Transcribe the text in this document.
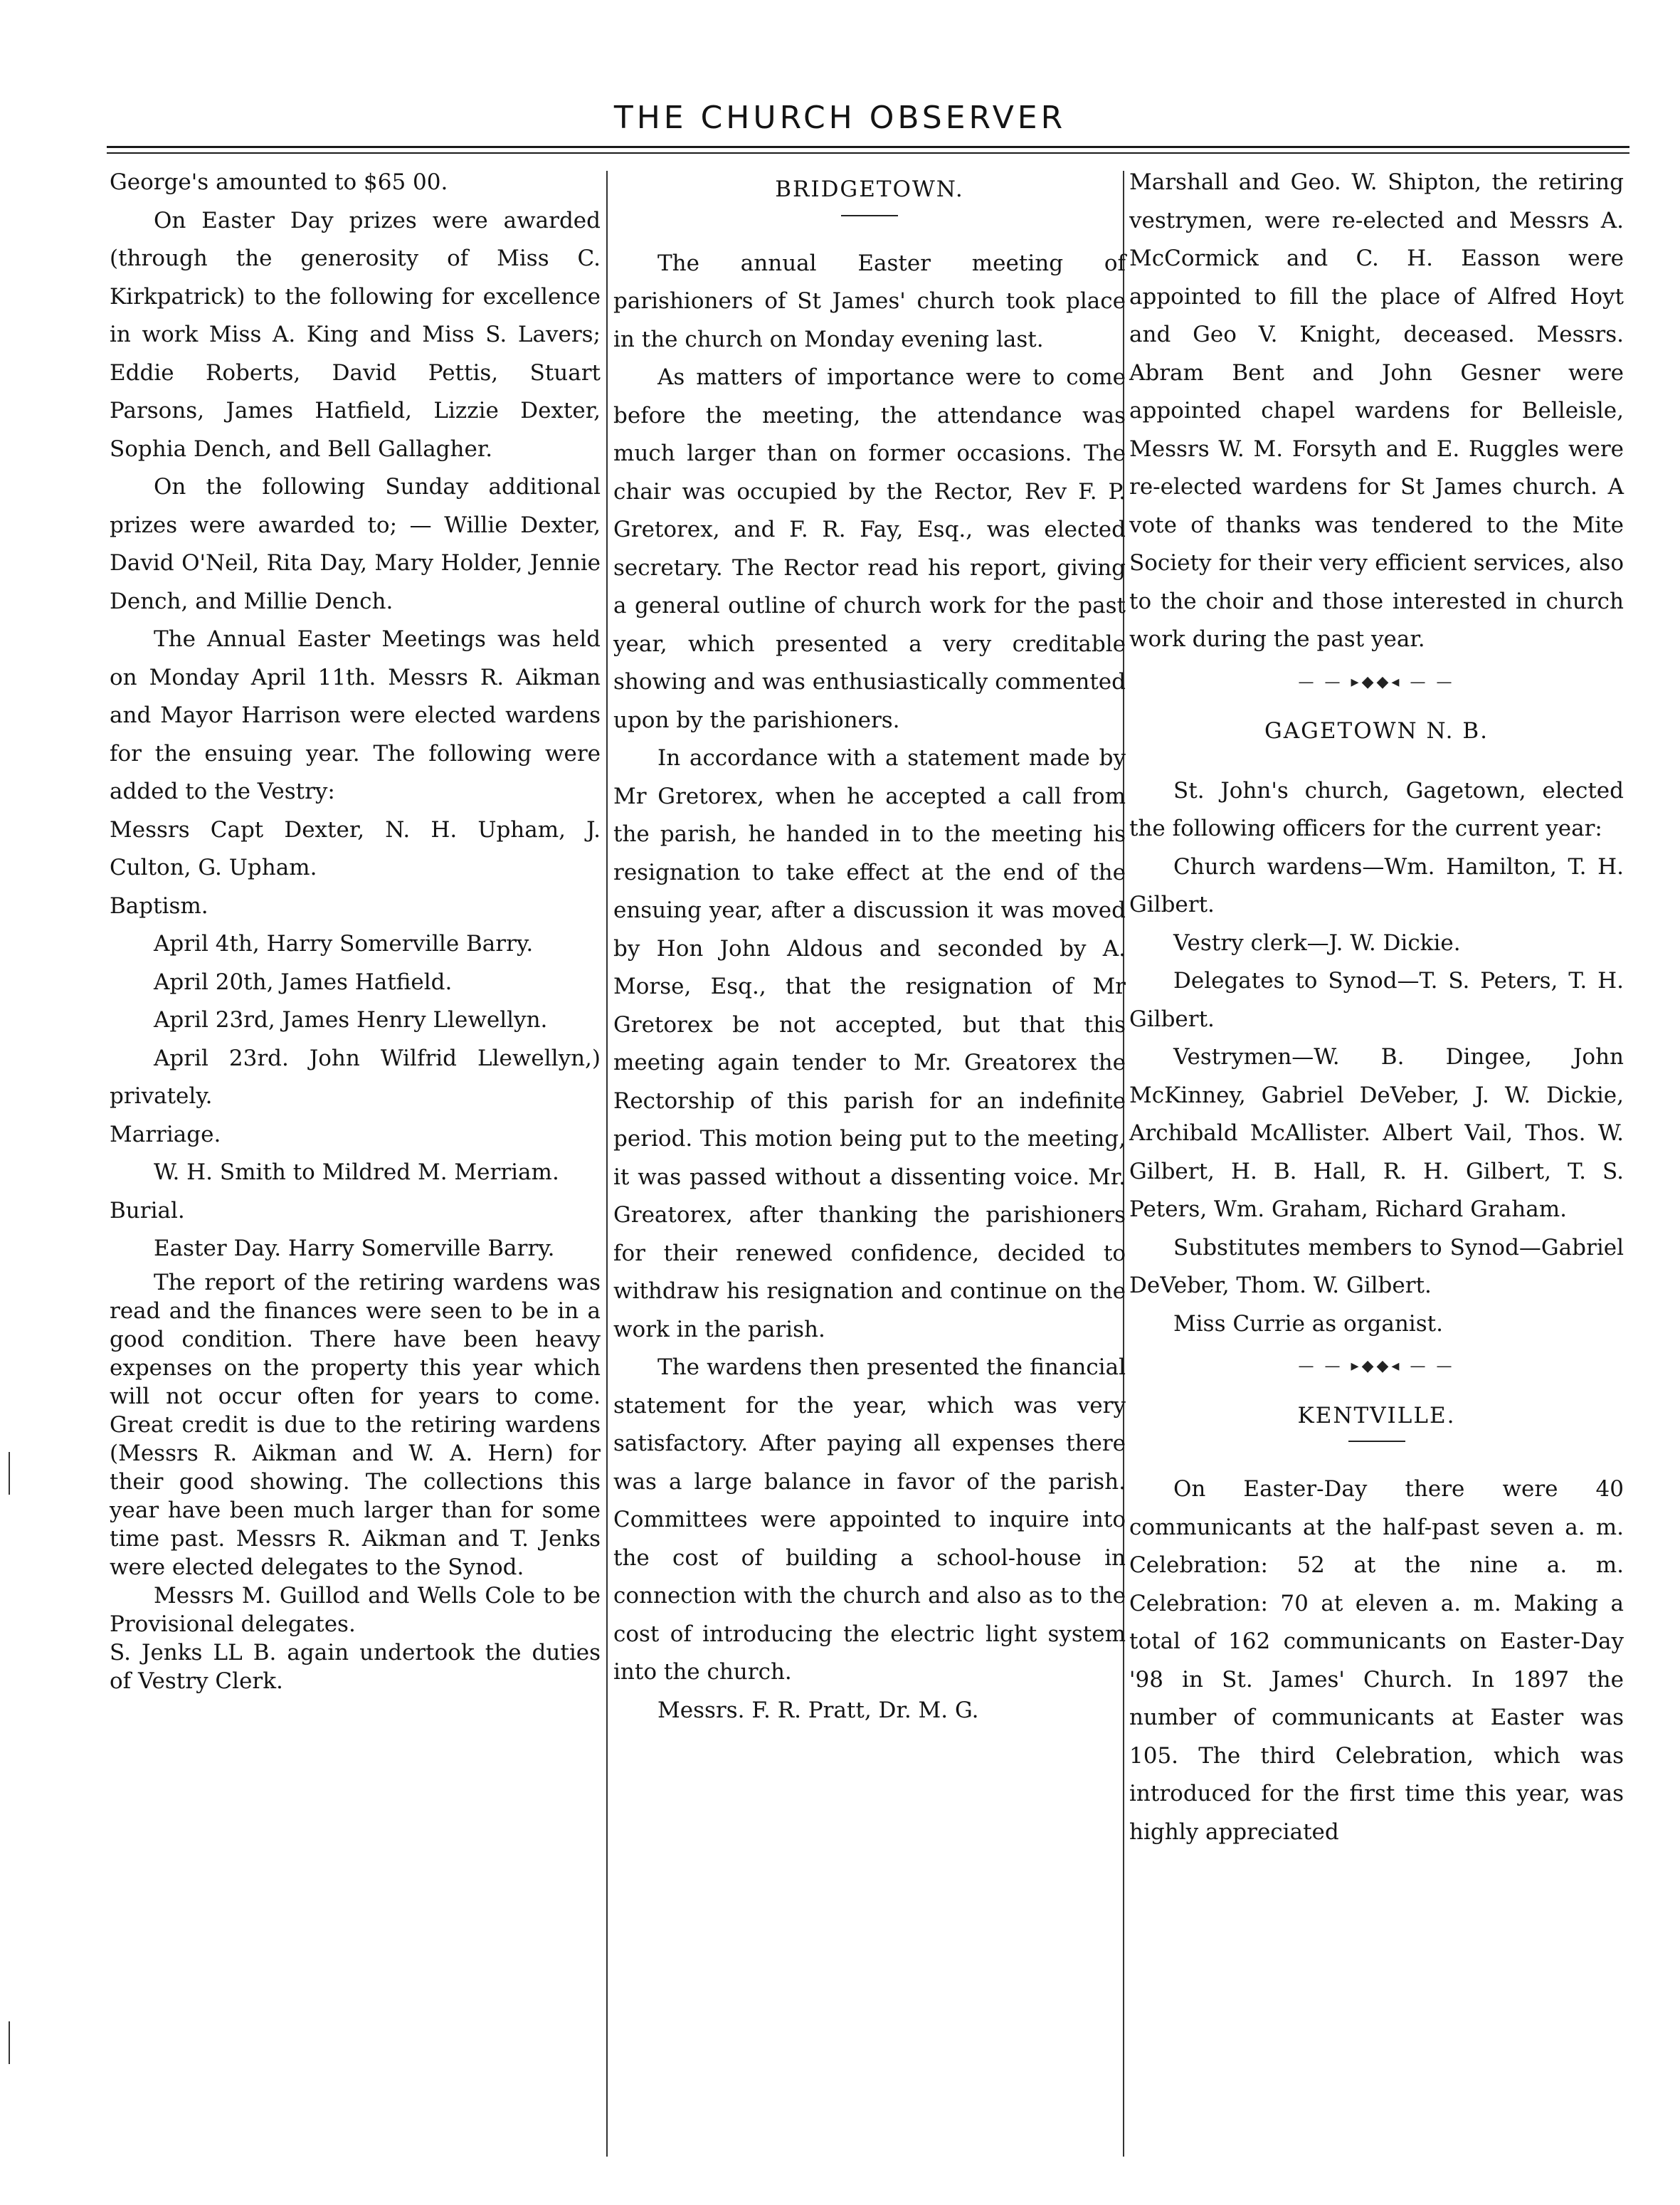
THE CHURCH OBSERVER

George's amounted to $65 00.

On Easter Day prizes were awarded (through the generosity of Miss C. Kirkpatrick) to the following for excellence in work Miss A. King and Miss S. Lavers; Eddie Roberts, David Pettis, Stuart Parsons, James Hatfield, Lizzie Dexter, Sophia Dench, and Bell Gallagher.

On the following Sunday additional prizes were awarded to; — Willie Dexter, David O'Neil, Rita Day, Mary Holder, Jennie Dench, and Millie Dench.

The Annual Easter Meetings was held on Monday April 11th. Messrs R. Aikman and Mayor Harrison were elected wardens for the ensuing year. The following were added to the Vestry:

Messrs Capt Dexter, N. H. Upham, J. Culton, G. Upham.

Baptism.

April 4th, Harry Somerville Barry.

April 20th, James Hatfield.

April 23rd, James Henry Llewellyn.

April 23rd. John Wilfrid Llewellyn,) privately.

Marriage.

W. H. Smith to Mildred M. Merriam.

Burial.

Easter Day. Harry Somerville Barry.

The report of the retiring wardens was read and the finances were seen to be in a good condition. There have been heavy expenses on the property this year which will not occur often for years to come. Great credit is due to the retiring wardens (Messrs R. Aikman and W. A. Hern) for their good showing. The collections this year have been much larger than for some time past. Messrs R. Aikman and T. Jenks were elected delegates to the Synod.

Messrs M. Guillod and Wells Cole to be Provisional delegates.

S. Jenks LL B. again undertook the duties of Vestry Clerk.

BRIDGETOWN.

The annual Easter meeting of parishioners of St James' church took place in the church on Monday evening last.

As matters of importance were to come before the meeting, the attendance was much larger than on former occasions. The chair was occupied by the Rector, Rev F. P. Gretorex, and F. R. Fay, Esq., was elected secretary. The Rector read his report, giving a general outline of church work for the past year, which presented a very creditable showing and was enthusiastically commented upon by the parishioners.

In accordance with a statement made by Mr Gretorex, when he accepted a call from the parish, he handed in to the meeting his resignation to take effect at the end of the ensuing year, after a discussion it was moved by Hon John Aldous and seconded by A. Morse, Esq., that the resignation of Mr Gretorex be not accepted, but that this meeting again tender to Mr. Greatorex the Rectorship of this parish for an indefinite period. This motion being put to the meeting, it was passed without a dissenting voice. Mr. Greatorex, after thanking the parishioners for their renewed confidence, decided to withdraw his resignation and continue on the work in the parish.

The wardens then presented the financial statement for the year, which was very satisfactory. After paying all expenses there was a large balance in favor of the parish. Committees were appointed to inquire into the cost of building a school-house in connection with the church and also as to the cost of introducing the electric light system into the church.

Messrs. F. R. Pratt, Dr. M. G.

Marshall and Geo. W. Shipton, the retiring vestrymen, were re-elected and Messrs A. McCormick and C. H. Easson were appointed to fill the place of Alfred Hoyt and Geo V. Knight, deceased. Messrs. Abram Bent and John Gesner were appointed chapel wardens for Belleisle, Messrs W. M. Forsyth and E. Ruggles were re-elected wardens for St James church. A vote of thanks was tendered to the Mite Society for their very efficient services, also to the choir and those interested in church work during the past year.

— — ▸◆◆◂ — —

GAGETOWN N. B.

St. John's church, Gagetown, elected the following officers for the current year:

Church wardens—Wm. Hamilton, T. H. Gilbert.

Vestry clerk—J. W. Dickie.

Delegates to Synod—T. S. Peters, T. H. Gilbert.

Vestrymen—W. B. Dingee, John McKinney, Gabriel DeVeber, J. W. Dickie, Archibald McAllister. Albert Vail, Thos. W. Gilbert, H. B. Hall, R. H. Gilbert, T. S. Peters, Wm. Graham, Richard Graham.

Substitutes members to Synod—Gabriel DeVeber, Thom. W. Gilbert.

Miss Currie as organist.

— — ▸◆◆◂ — —

KENTVILLE.

On Easter-Day there were 40 communicants at the half-past seven a. m. Celebration: 52 at the nine a. m. Celebration: 70 at eleven a. m. Making a total of 162 communicants on Easter-Day '98 in St. James' Church. In 1897 the number of communicants at Easter was 105. The third Celebration, which was introduced for the first time this year, was highly appreciated
